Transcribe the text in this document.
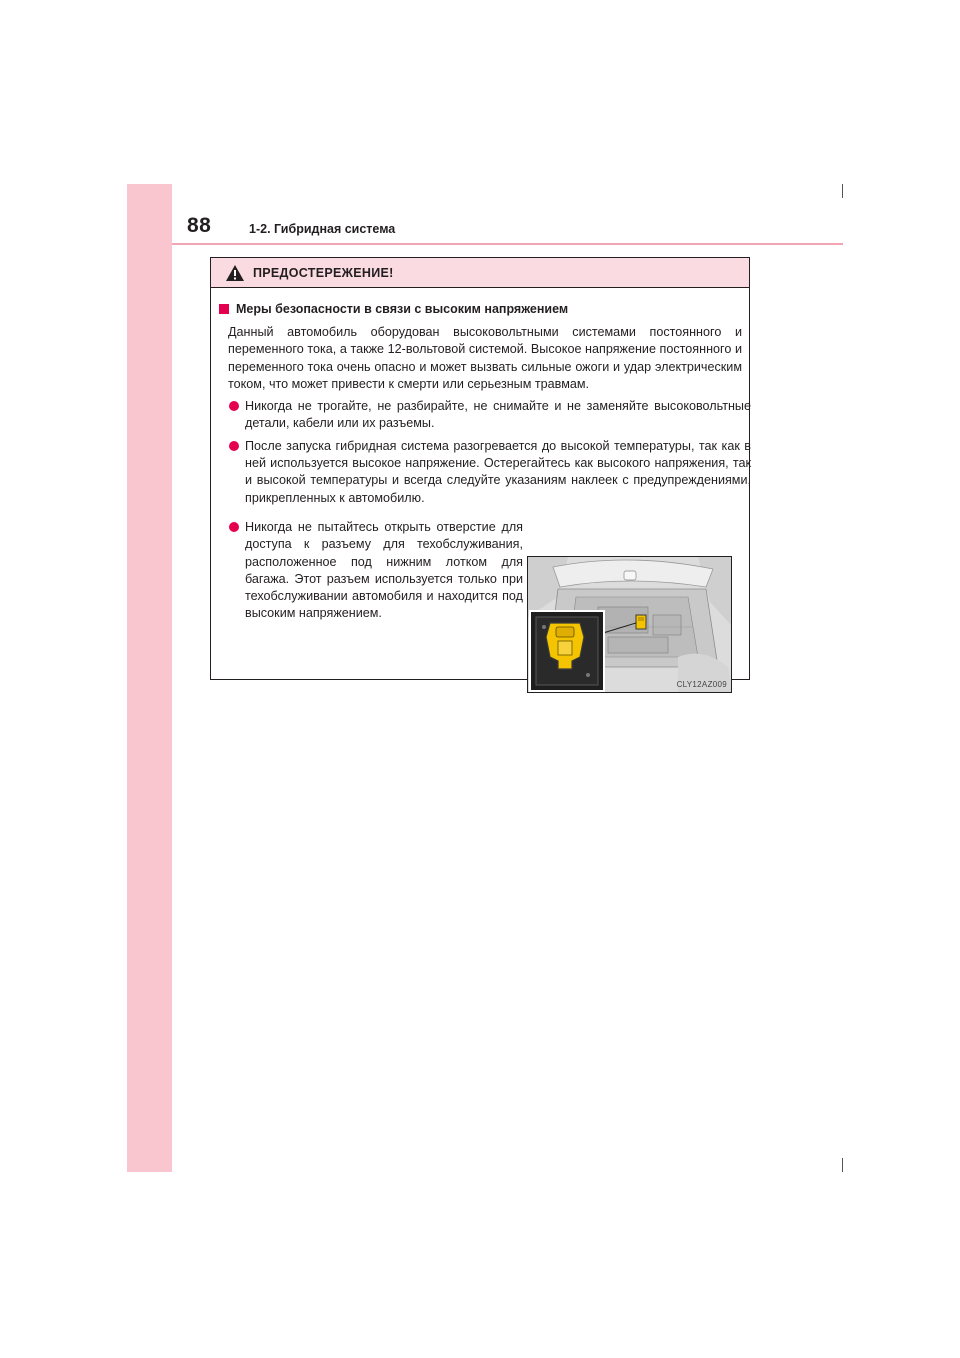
88	1-2. Гибридная система
ПРЕДОСТЕРЕЖЕНИЕ!
Меры безопасности в связи с высоким напряжением

Данный автомобиль оборудован высоковольтными системами постоянного и переменного тока, а также 12-вольтовой системой. Высокое напряжение постоянного и переменного тока очень опасно и может вызвать сильные ожоги и удар электрическим током, что может привести к смерти или серьезным травмам.

Никогда не трогайте, не разбирайте, не снимайте и не заменяйте высоковольтные детали, кабели или их разъемы.
После запуска гибридная система разогревается до высокой температуры, так как в ней используется высокое напряжение. Остерегайтесь как высокого напряжения, так и высокой температуры и всегда следуйте указаниям наклеек с предупреждениями, прикрепленных к автомобилю.
Никогда не пытайтесь открыть отверстие для доступа к разъему для техобслуживания, расположенное под нижним лотком для багажа. Этот разъем используется только при техобслуживании автомобиля и находится под высоким напряжением.
CLY12AZ009
